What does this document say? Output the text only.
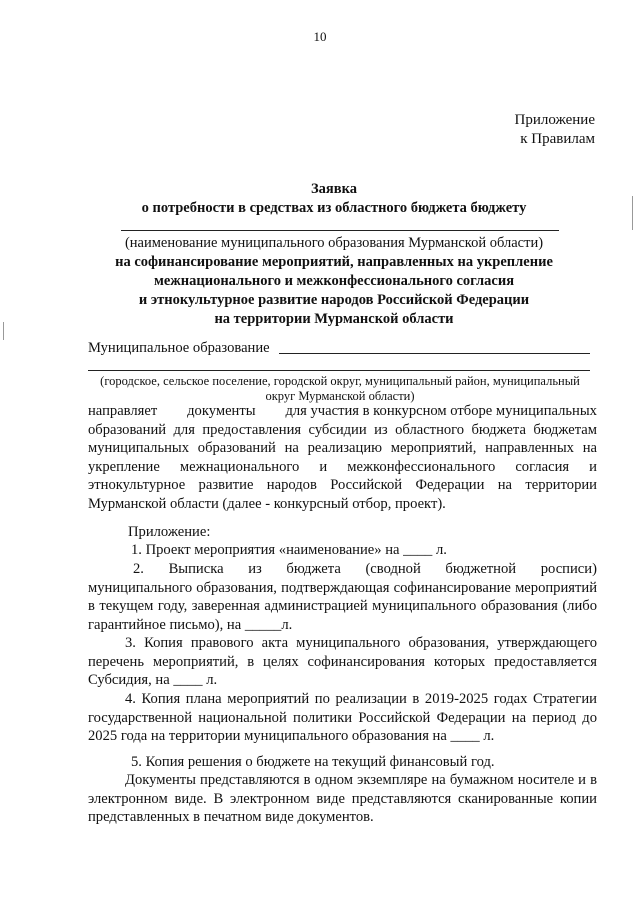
10
Приложение
к Правилам
Заявка
о потребности в средствах из областного бюджета бюджету
(наименование муниципального образования Мурманской области)
на софинансирование мероприятий, направленных на укрепление
межнационального и межконфессионального согласия
и этнокультурное развитие народов Российской Федерации
на территории Мурманской области
Муниципальное образование
(городское, сельское поселение, городской округ, муниципальный район, муниципальный
округ Мурманской области)
направляет документы для участия в конкурсном отборе муниципальных
образований для предоставления субсидии из областного бюджета бюджетам муниципальных образований на реализацию мероприятий, направленных на укрепление межнационального и межконфессионального согласия и этнокультурное развитие народов Российской Федерации на территории Мурманской области (далее - конкурсный отбор, проект).
Приложение:
1. Проект мероприятия «наименование» на ____ л.
2. Выписка из бюджета (сводной бюджетной росписи)
муниципального образования, подтверждающая софинансирование мероприятий в текущем году, заверенная администрацией муниципального образования (либо гарантийное письмо), на _____л.
3. Копия правового акта муниципального образования, утверждающего перечень мероприятий, в целях софинансирования которых предоставляется Субсидия, на ____ л.
4. Копия плана мероприятий по реализации в 2019-2025 годах Стратегии государственной национальной политики Российской Федерации на период до 2025 года на территории муниципального образования на ____ л.
5. Копия решения о бюджете на текущий финансовый год.
Документы представляются в одном экземпляре на бумажном носителе и в электронном виде. В электронном виде представляются сканированные копии представленных в печатном виде документов.
